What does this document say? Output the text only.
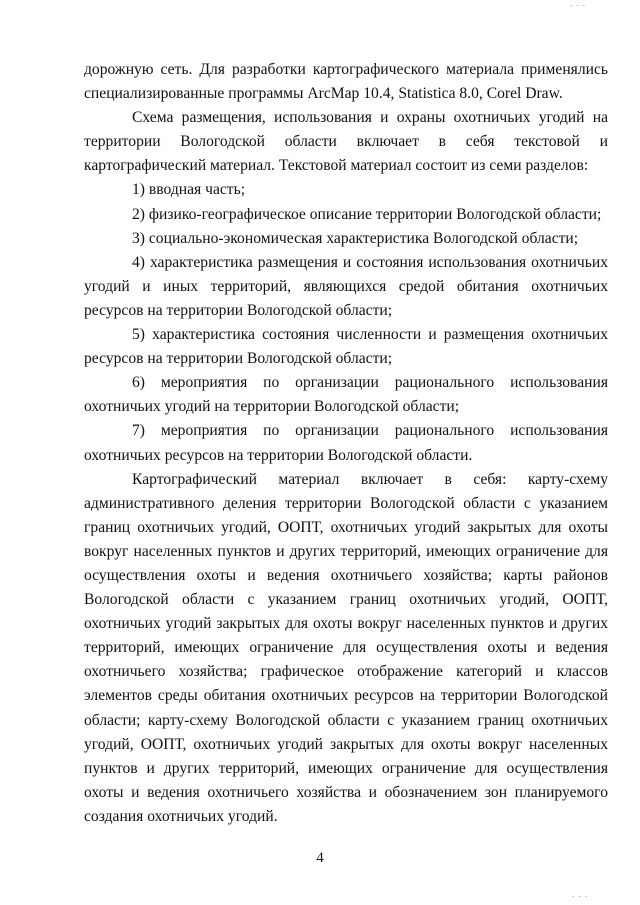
· · ·

дорожную сеть. Для разработки картографического материала применялись специализированные программы ArcMap 10.4, Statistica 8.0, Corel Draw.

Схема размещения, использования и охраны охотничьих угодий на территории Вологодской области включает в себя текстовой и картографический материал. Текстовой материал состоит из семи разделов:

1) вводная часть;

2) физико-географическое описание территории Вологодской области;

3) социально-экономическая характеристика Вологодской области;

4) характеристика размещения и состояния использования охотничьих угодий и иных территорий, являющихся средой обитания охотничьих ресурсов на территории Вологодской области;

5) характеристика состояния численности и размещения охотничьих ресурсов на территории Вологодской области;

6) мероприятия по организации рационального использования охотничьих угодий на территории Вологодской области;

7) мероприятия по организации рационального использования охотничьих ресурсов на территории Вологодской области.

Картографический материал включает в себя: карту-схему административного деления территории Вологодской области с указанием границ охотничьих угодий, ООПТ, охотничьих угодий закрытых для охоты вокруг населенных пунктов и других территорий, имеющих ограничение для осуществления охоты и ведения охотничьего хозяйства; карты районов Вологодской области с указанием границ охотничьих угодий, ООПТ, охотничьих угодий закрытых для охоты вокруг населенных пунктов и других территорий, имеющих ограничение для осуществления охоты и ведения охотничьего хозяйства; графическое отображение категорий и классов элементов среды обитания охотничьих ресурсов на территории Вологодской области; карту-схему Вологодской области с указанием границ охотничьих угодий, ООПТ, охотничьих угодий закрытых для охоты вокруг населенных пунктов и других территорий, имеющих ограничение для осуществления охоты и ведения охотничьего хозяйства и обозначением зон планируемого создания охотничьих угодий.

4
· · ·
